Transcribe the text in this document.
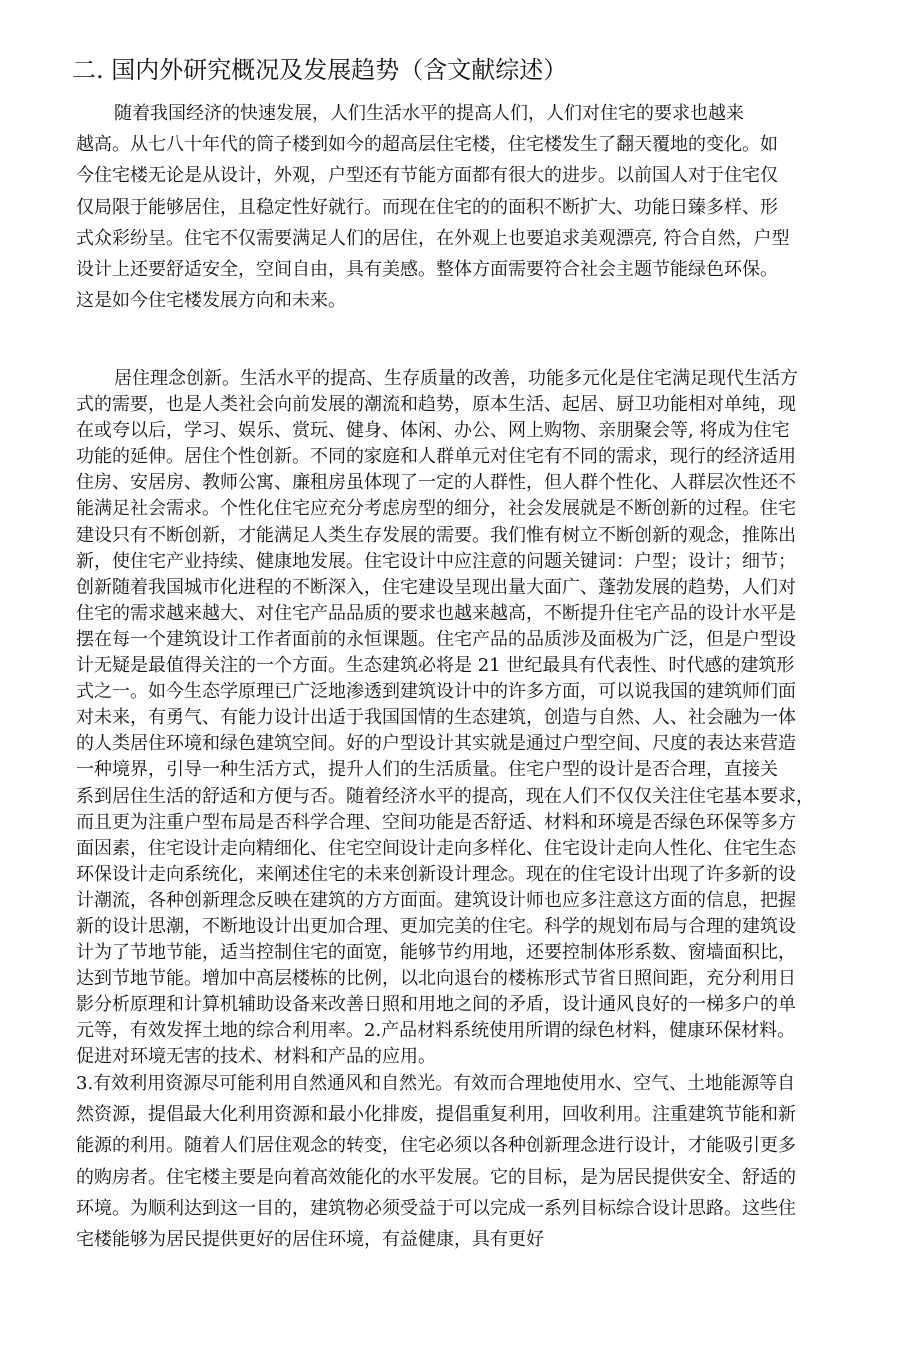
二. 国内外研究概况及发展趋势（含文献综述）
随着我国经济的快速发展，人们生活水平的提高人们，人们对住宅的要求也越来
越高。从七八十年代的筒子楼到如今的超高层住宅楼，住宅楼发生了翻天覆地的变化。如
今住宅楼无论是从设计，外观，户型还有节能方面都有很大的进步。以前国人对于住宅仅
仅局限于能够居住，且稳定性好就行。而现在住宅的的面积不断扩大、功能日臻多样、形
式众彩纷呈。住宅不仅需要满足人们的居住，在外观上也要追求美观漂亮, 符合自然，户型
设计上还要舒适安全，空间自由，具有美感。整体方面需要符合社会主题节能绿色环保。
这是如今住宅楼发展方向和未来。
居住理念创新。生活水平的提高、生存质量的改善，功能多元化是住宅满足现代生活方
式的需要，也是人类社会向前发展的潮流和趋势，原本生活、起居、厨卫功能相对单纯，现
在或夸以后，学习、娱乐、赏玩、健身、体闲、办公、网上购物、亲朋聚会等, 将成为住宅
功能的延伸。居住个性创新。不同的家庭和人群单元对住宅有不同的需求，现行的经济适用
住房、安居房、教师公寓、廉租房虽体现了一定的人群性，但人群个性化、人群层次性还不
能满足社会需求。个性化住宅应充分考虑房型的细分，社会发展就是不断创新的过程。住宅
建设只有不断创新，才能满足人类生存发展的需要。我们惟有树立不断创新的观念，推陈出
新，使住宅产业持续、健康地发展。住宅设计中应注意的问题关键词：户型；设计；细节；
创新随着我国城市化进程的不断深入，住宅建设呈现出量大面广、蓬勃发展的趋势，人们对
住宅的需求越来越大、对住宅产品品质的要求也越来越高，不断提升住宅产品的设计水平是
摆在每一个建筑设计工作者面前的永恒课题。住宅产品的品质涉及面极为广泛，但是户型设
计无疑是最值得关注的一个方面。生态建筑必将是 21 世纪最具有代表性、时代感的建筑形
式之一。如今生态学原理已广泛地渗透到建筑设计中的许多方面，可以说我国的建筑师们面
对未来，有勇气、有能力设计出适于我国国情的生态建筑，创造与自然、人、社会融为一体
的人类居住环境和绿色建筑空间。好的户型设计其实就是通过户型空间、尺度的表达来营造
一种境界，引导一种生活方式，提升人们的生活质量。住宅户型的设计是否合理，直接关
系到居住生活的舒适和方便与否。随着经济水平的提高，现在人们不仅仅关注住宅基本要求，
而且更为注重户型布局是否科学合理、空间功能是否舒适、材料和环境是否绿色环保等多方
面因素，住宅设计走向精细化、住宅空间设计走向多样化、住宅设计走向人性化、住宅生态
环保设计走向系统化，来阐述住宅的未来创新设计理念。现在的住宅设计出现了许多新的设
计潮流，各种创新理念反映在建筑的方方面面。建筑设计师也应多注意这方面的信息，把握
新的设计思潮，不断地设计出更加合理、更加完美的住宅。科学的规划布局与合理的建筑设
计为了节地节能，适当控制住宅的面宽，能够节约用地，还要控制体形系数、窗墙面积比，
达到节地节能。增加中高层楼栋的比例，以北向退台的楼栋形式节省日照间距，充分利用日
影分析原理和计算机辅助设备来改善日照和用地之间的矛盾，设计通风良好的一梯多户的单
元等，有效发挥土地的综合利用率。2.产品材料系统使用所谓的绿色材料，健康环保材料。
促进对环境无害的技术、材料和产品的应用。
3.有效利用资源尽可能利用自然通风和自然光。有效而合理地使用水、空气、土地能源等自
然资源，提倡最大化利用资源和最小化排废，提倡重复利用，回收利用。注重建筑节能和新
能源的利用。随着人们居住观念的转变，住宅必须以各种创新理念进行设计，才能吸引更多
的购房者。住宅楼主要是向着高效能化的水平发展。它的目标，是为居民提供安全、舒适的
环境。为顺利达到这一目的，建筑物必须受益于可以完成一系列目标综合设计思路。这些住
宅楼能够为居民提供更好的居住环境，有益健康，具有更好
